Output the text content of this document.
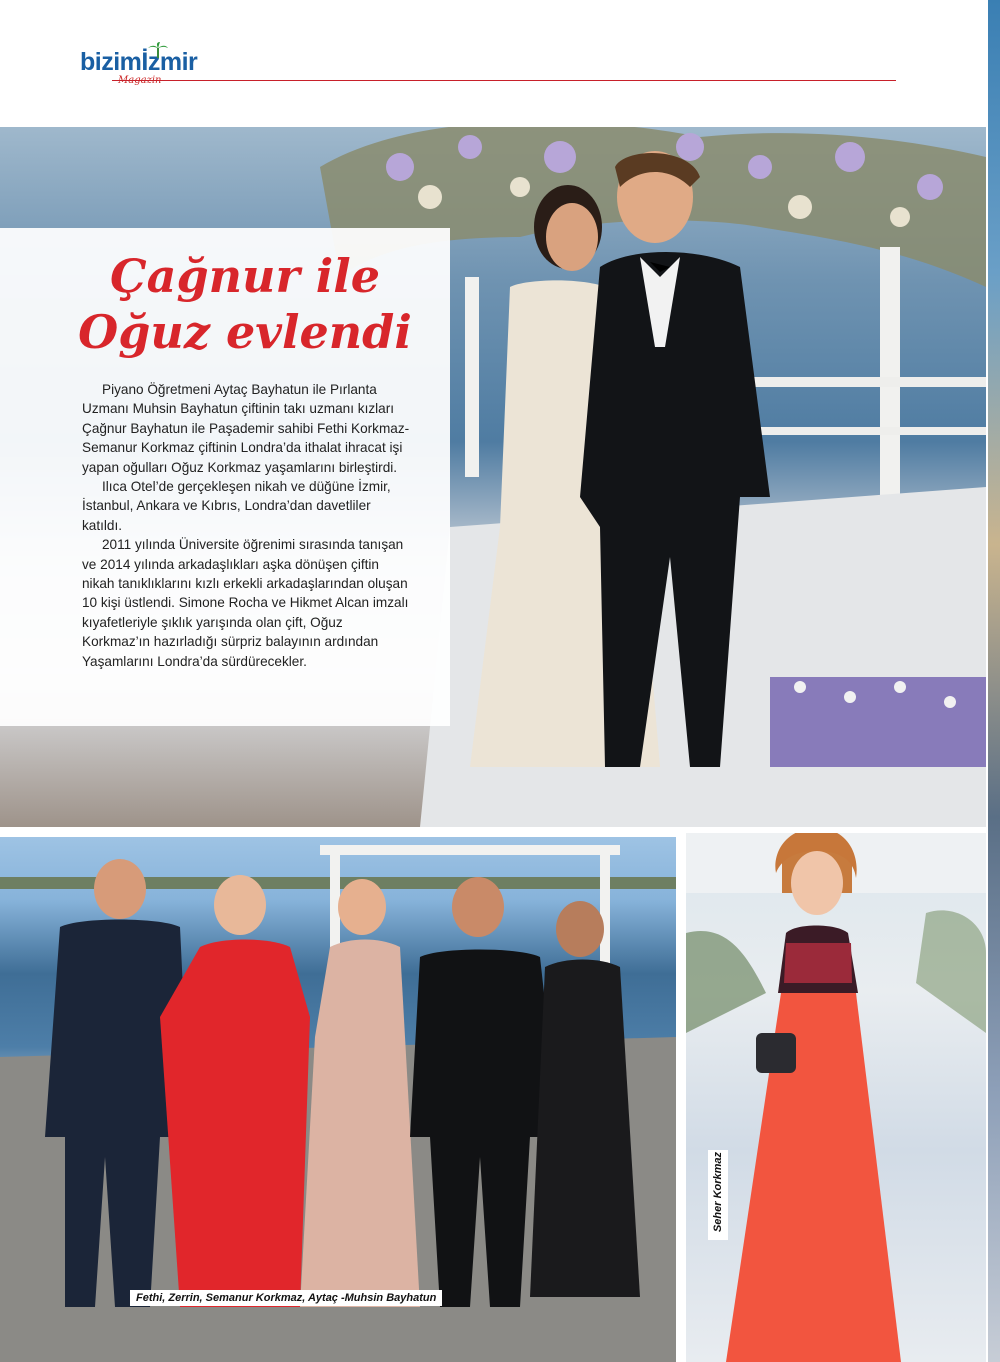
bizimİzmir
Çağnur ile Oğuz evlendi

Piyano Öğretmeni Aytaç Bayhatun ile Pırlanta Uzmanı Muhsin Bayhatun çiftinin takı uzmanı kızları Çağnur Bayhatun ile Paşademir sahibi Fethi Korkmaz- Semanur Korkmaz çiftinin Londra’da ithalat ihracat işi yapan oğulları Oğuz Korkmaz yaşamlarını birleştirdi.

Ilıca Otel’de gerçekleşen nikah ve düğüne İzmir, İstanbul, Ankara ve Kıbrıs, Londra’dan davetliler katıldı.

2011 yılında Üniversite öğrenimi sırasında tanışan ve 2014 yılında arkadaşlıkları aşka dönüşen çiftin nikah tanıklıklarını kızlı erkekli arkadaşlarından oluşan 10 kişi üstlendi. Simone Rocha ve Hikmet Alcan imzalı kıyafetleriyle şıklık yarışında olan çift, Oğuz Korkmaz’ın hazırladığı sürpriz balayının ardından Yaşamlarını Londra’da sürdürecekler.

Fethi, Zerrin, Semanur Korkmaz, Aytaç -Muhsin Bayhatun
Seher Korkmaz
